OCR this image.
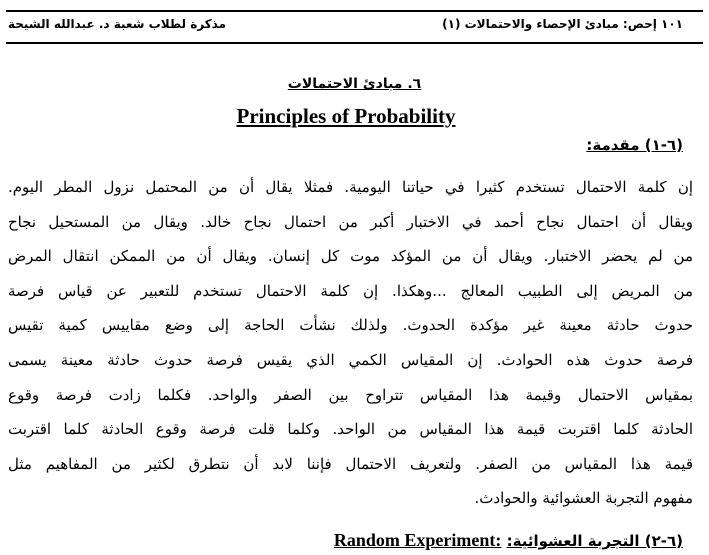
١٠١ إحص: مبادئ الإحصاء والاحتمالات (١)
مذكرة لطلاب شعبة د. عبدالله الشيحة
٦. مبادئ الاحتمالات
Principles of Probability
(٦-١) مقدمة:
إن كلمة الاحتمال تستخدم كثيرا في حياتنا اليومية. فمثلا يقال أن من المحتمل نزول المطر اليوم.
ويقال أن احتمال نجاح أحمد في الاختبار أكبر من احتمال نجاح خالد. ويقال من المستحيل نجاح
من لم يحضر الاختبار. ويقال أن من المؤكد موت كل إنسان. ويقال أن من الممكن انتقال المرض
من المريض إلى الطبيب المعالج ...وهكذا. إن كلمة الاحتمال تستخدم للتعبير عن قياس فرصة
حدوث حادثة معينة غير مؤكدة الحدوث. ولذلك نشأت الحاجة إلى وضع مقاييس كمية تقيس
فرصة حدوث هذه الحوادث. إن المقياس الكمي الذي يقيس فرصة حدوث حادثة معينة يسمى
بمقياس الاحتمال وقيمة هذا المقياس تتراوح بين الصفر والواحد. فكلما زادت فرصة وقوع
الحادثة كلما اقتربت قيمة هذا المقياس من الواحد. وكلما قلت فرصة وقوع الحادثة كلما اقتربت
قيمة هذا المقياس من الصفر. ولتعريف الاحتمال فإننا لابد أن نتطرق لكثير من المفاهيم مثل
مفهوم التجربة العشوائية والحوادث.
(٦-٢) التجربة العشوائية: Random Experiment:
